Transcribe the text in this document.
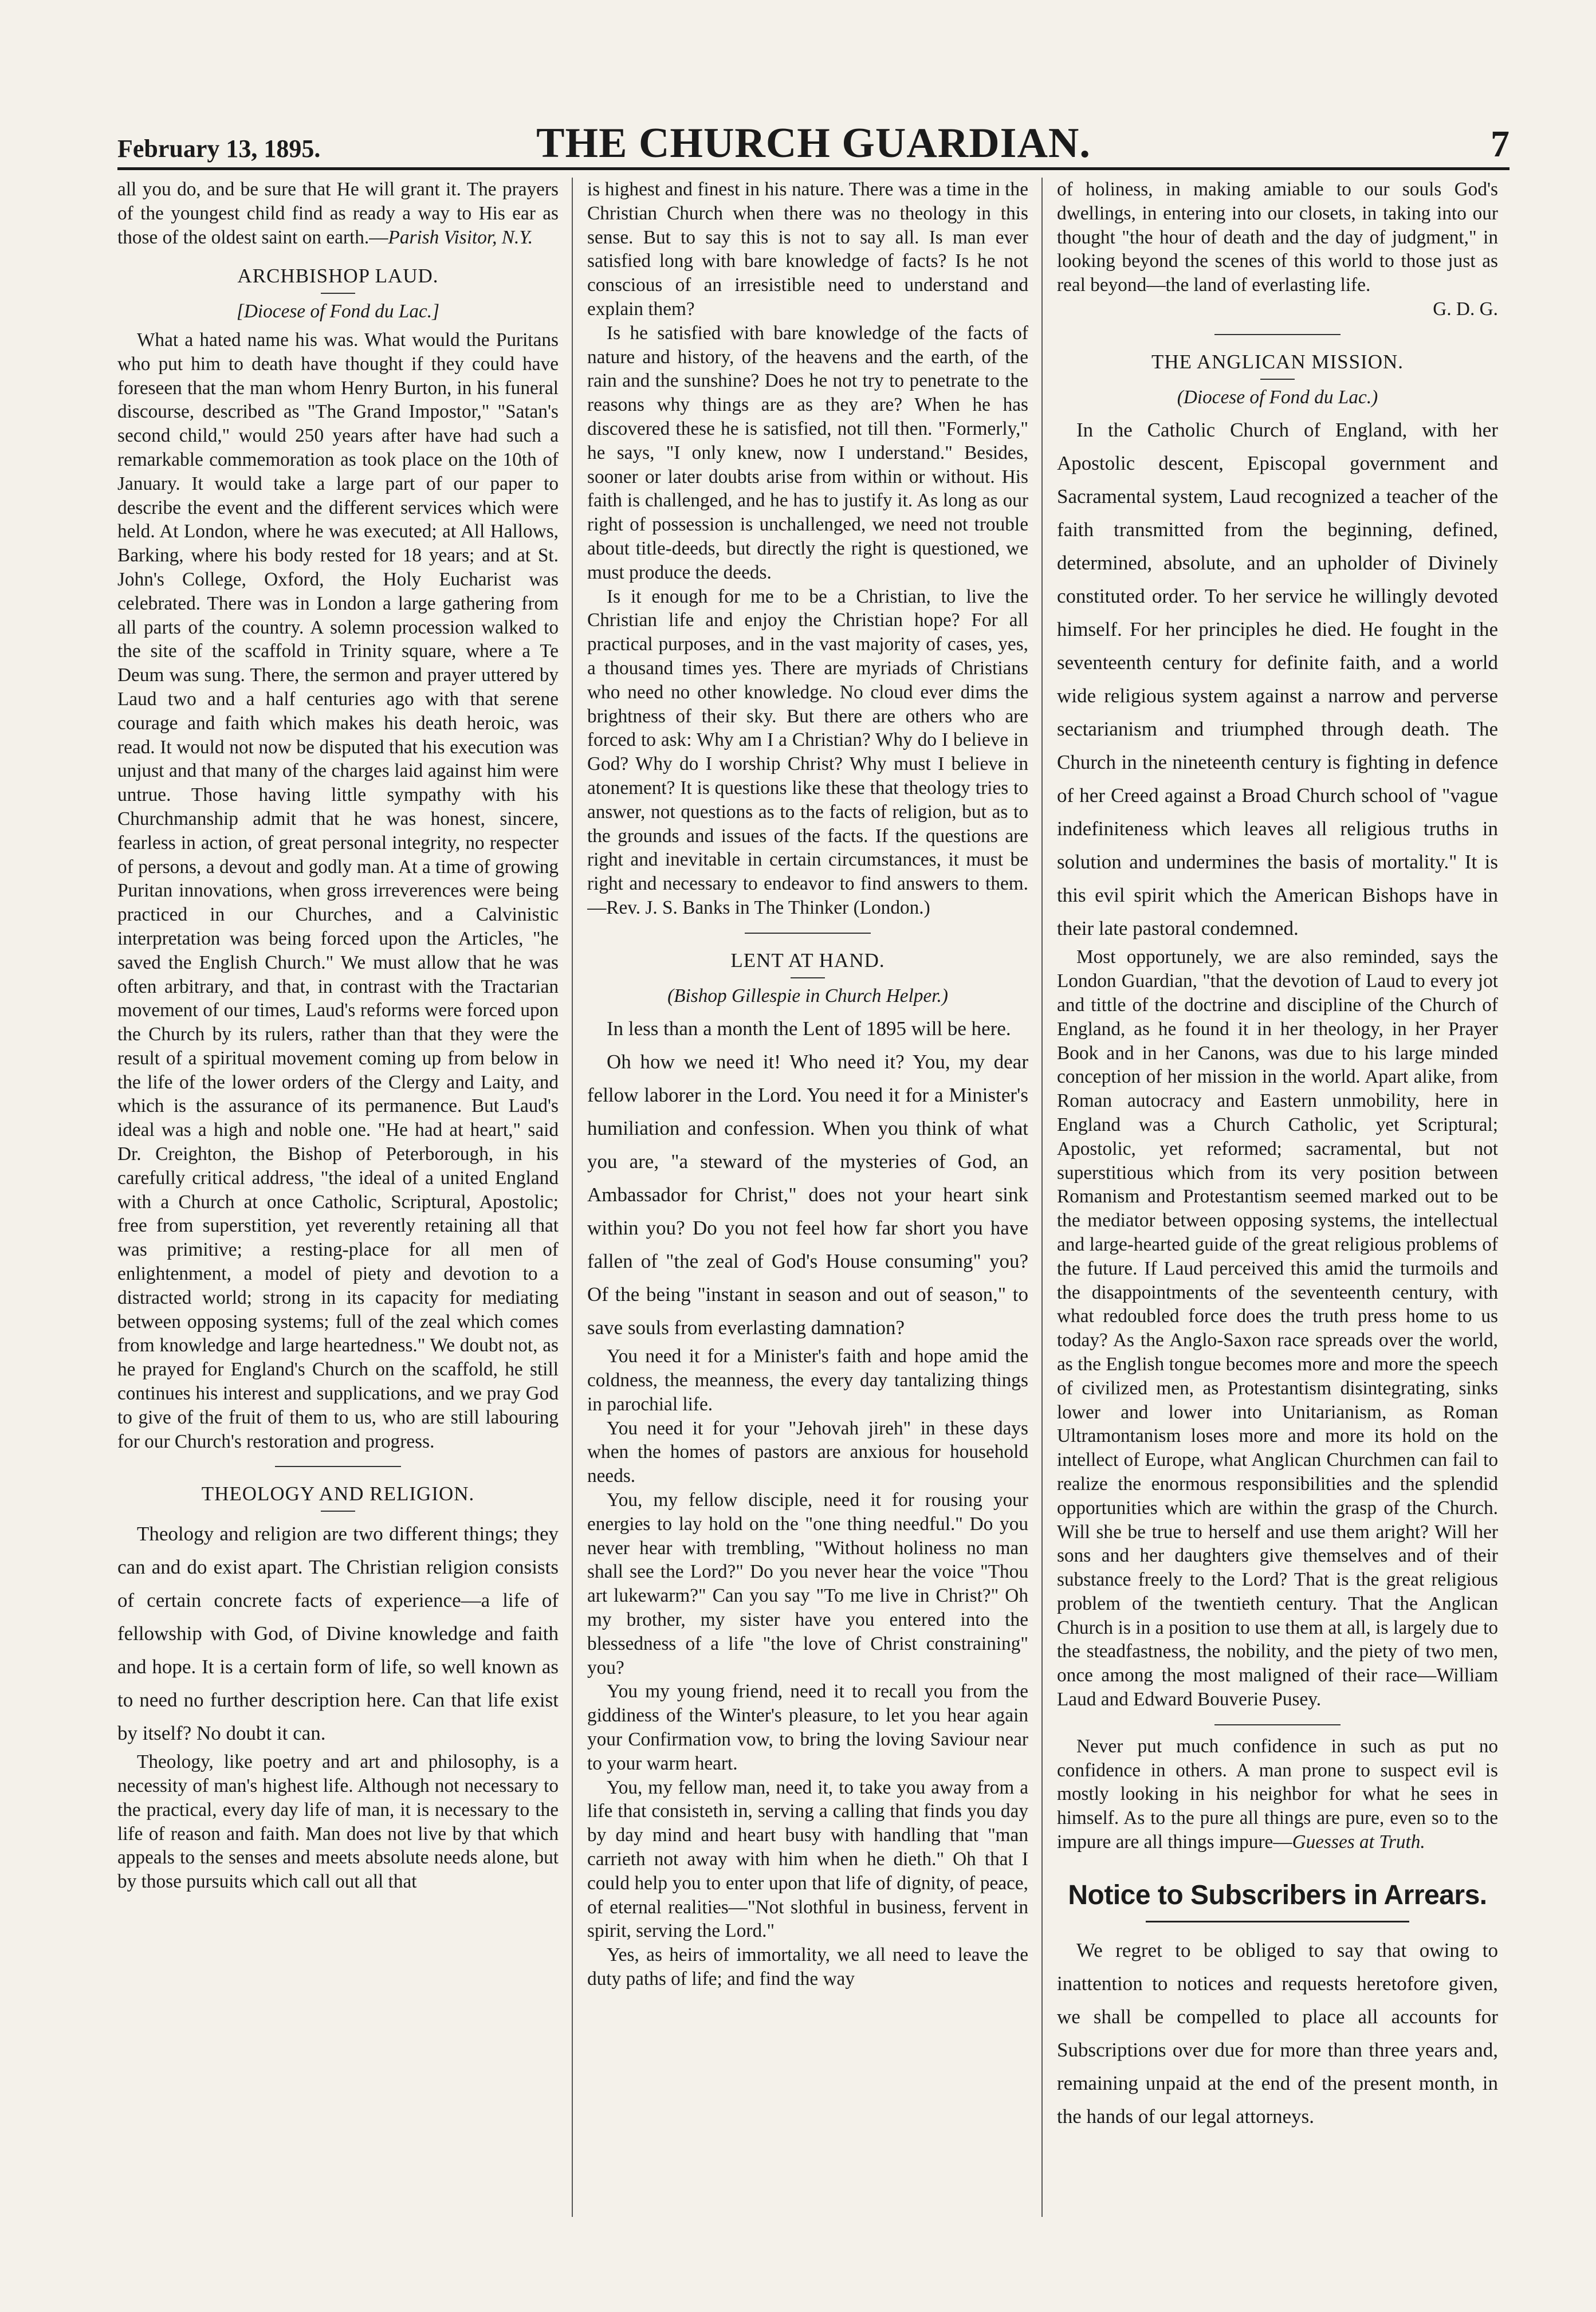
February 13, 1895.	THE CHURCH GUARDIAN.	7

all you do, and be sure that He will grant it. The prayers of the youngest child find as ready a way to His ear as those of the oldest saint on earth.—Parish Visitor, N.Y.

ARCHBISHOP LAUD.
[Diocese of Fond du Lac.]

What a hated name his was. What would the Puritans who put him to death have thought if they could have foreseen that the man whom Henry Burton, in his funeral discourse, described as "The Grand Impostor," "Satan's second child," would 250 years after have had such a remarkable commemoration as took place on the 10th of January. It would take a large part of our paper to describe the event and the different services which were held. At London, where he was executed; at All Hallows, Barking, where his body rested for 18 years; and at St. John's College, Oxford, the Holy Eucharist was celebrated. There was in London a large gathering from all parts of the country. A solemn procession walked to the site of the scaffold in Trinity square, where a Te Deum was sung. There, the sermon and prayer uttered by Laud two and a half centuries ago with that serene courage and faith which makes his death heroic, was read. It would not now be disputed that his execution was unjust and that many of the charges laid against him were untrue. Those having little sympathy with his Churchmanship admit that he was honest, sincere, fearless in action, of great personal integrity, no respecter of persons, a devout and godly man. At a time of growing Puritan innovations, when gross irreverences were being practiced in our Churches, and a Calvinistic interpretation was being forced upon the Articles, "he saved the English Church." We must allow that he was often arbitrary, and that, in contrast with the Tractarian movement of our times, Laud's reforms were forced upon the Church by its rulers, rather than that they were the result of a spiritual movement coming up from below in the life of the lower orders of the Clergy and Laity, and which is the assurance of its permanence. But Laud's ideal was a high and noble one. "He had at heart," said Dr. Creighton, the Bishop of Peterborough, in his carefully critical address, "the ideal of a united England with a Church at once Catholic, Scriptural, Apostolic; free from superstition, yet reverently retaining all that was primitive; a resting-place for all men of enlightenment, a model of piety and devotion to a distracted world; strong in its capacity for mediating between opposing systems; full of the zeal which comes from knowledge and large heartedness." We doubt not, as he prayed for England's Church on the scaffold, he still continues his interest and supplications, and we pray God to give of the fruit of them to us, who are still labouring for our Church's restoration and progress.

THEOLOGY AND RELIGION.

Theology and religion are two different things; they can and do exist apart. The Christian religion consists of certain concrete facts of experience—a life of fellowship with God, of Divine knowledge and faith and hope. It is a certain form of life, so well known as to need no further description here. Can that life exist by itself? No doubt it can.

Theology, like poetry and art and philosophy, is a necessity of man's highest life. Although not necessary to the practical, every day life of man, it is necessary to the life of reason and faith. Man does not live by that which appeals to the senses and meets absolute needs alone, but by those pursuits which call out all that

is highest and finest in his nature. There was a time in the Christian Church when there was no theology in this sense. But to say this is not to say all. Is man ever satisfied long with bare knowledge of facts? Is he not conscious of an irresistible need to understand and explain them?

Is he satisfied with bare knowledge of the facts of nature and history, of the heavens and the earth, of the rain and the sunshine? Does he not try to penetrate to the reasons why things are as they are? When he has discovered these he is satisfied, not till then. "Formerly," he says, "I only knew, now I understand." Besides, sooner or later doubts arise from within or without. His faith is challenged, and he has to justify it. As long as our right of possession is unchallenged, we need not trouble about title-deeds, but directly the right is questioned, we must produce the deeds.

Is it enough for me to be a Christian, to live the Christian life and enjoy the Christian hope? For all practical purposes, and in the vast majority of cases, yes, a thousand times yes. There are myriads of Christians who need no other knowledge. No cloud ever dims the brightness of their sky. But there are others who are forced to ask: Why am I a Christian? Why do I believe in God? Why do I worship Christ? Why must I believe in atonement? It is questions like these that theology tries to answer, not questions as to the facts of religion, but as to the grounds and issues of the facts. If the questions are right and inevitable in certain circumstances, it must be right and necessary to endeavor to find answers to them.—Rev. J. S. Banks in The Thinker (London.)

LENT AT HAND.
(Bishop Gillespie in Church Helper.)

In less than a month the Lent of 1895 will be here.

Oh how we need it! Who need it? You, my dear fellow laborer in the Lord. You need it for a Minister's humiliation and confession. When you think of what you are, "a steward of the mysteries of God, an Ambassador for Christ," does not your heart sink within you? Do you not feel how far short you have fallen of "the zeal of God's House consuming" you? Of the being "instant in season and out of season," to save souls from everlasting damnation?

You need it for a Minister's faith and hope amid the coldness, the meanness, the every day tantalizing things in parochial life.

You need it for your "Jehovah jireh" in these days when the homes of pastors are anxious for household needs.

You, my fellow disciple, need it for rousing your energies to lay hold on the "one thing needful." Do you never hear with trembling, "Without holiness no man shall see the Lord?" Do you never hear the voice "Thou art lukewarm?" Can you say "To me live in Christ?" Oh my brother, my sister have you entered into the blessedness of a life "the love of Christ constraining" you?

You my young friend, need it to recall you from the giddiness of the Winter's pleasure, to let you hear again your Confirmation vow, to bring the loving Saviour near to your warm heart.

You, my fellow man, need it, to take you away from a life that consisteth in, serving a calling that finds you day by day mind and heart busy with handling that "man carrieth not away with him when he dieth." Oh that I could help you to enter upon that life of dignity, of peace, of eternal realities—"Not slothful in business, fervent in spirit, serving the Lord."

Yes, as heirs of immortality, we all need to leave the duty paths of life; and find the way

of holiness, in making amiable to our souls God's dwellings, in entering into our closets, in taking into our thought "the hour of death and the day of judgment," in looking beyond the scenes of this world to those just as real beyond—the land of everlasting life.

G. D. G.
THE ANGLICAN MISSION.
(Diocese of Fond du Lac.)

In the Catholic Church of England, with her Apostolic descent, Episcopal government and Sacramental system, Laud recognized a teacher of the faith transmitted from the beginning, defined, determined, absolute, and an upholder of Divinely constituted order. To her service he willingly devoted himself. For her principles he died. He fought in the seventeenth century for definite faith, and a world wide religious system against a narrow and perverse sectarianism and triumphed through death. The Church in the nineteenth century is fighting in defence of her Creed against a Broad Church school of "vague indefiniteness which leaves all religious truths in solution and undermines the basis of mortality." It is this evil spirit which the American Bishops have in their late pastoral condemned.

Most opportunely, we are also reminded, says the London Guardian, "that the devotion of Laud to every jot and tittle of the doctrine and discipline of the Church of England, as he found it in her theology, in her Prayer Book and in her Canons, was due to his large minded conception of her mission in the world. Apart alike, from Roman autocracy and Eastern unmobility, here in England was a Church Catholic, yet Scriptural; Apostolic, yet reformed; sacramental, but not superstitious which from its very position between Romanism and Protestantism seemed marked out to be the mediator between opposing systems, the intellectual and large-hearted guide of the great religious problems of the future. If Laud perceived this amid the turmoils and the disappointments of the seventeenth century, with what redoubled force does the truth press home to us today? As the Anglo-Saxon race spreads over the world, as the English tongue becomes more and more the speech of civilized men, as Protestantism disintegrating, sinks lower and lower into Unitarianism, as Roman Ultramontanism loses more and more its hold on the intellect of Europe, what Anglican Churchmen can fail to realize the enormous responsibilities and the splendid opportunities which are within the grasp of the Church. Will she be true to herself and use them aright? Will her sons and her daughters give themselves and of their substance freely to the Lord? That is the great religious problem of the twentieth century. That the Anglican Church is in a position to use them at all, is largely due to the steadfastness, the nobility, and the piety of two men, once among the most maligned of their race—William Laud and Edward Bouverie Pusey.

Never put much confidence in such as put no confidence in others. A man prone to suspect evil is mostly looking in his neighbor for what he sees in himself. As to the pure all things are pure, even so to the impure are all things impure—Guesses at Truth.

Notice to Subscribers in Arrears.

We regret to be obliged to say that owing to inattention to notices and requests heretofore given, we shall be compelled to place all accounts for Subscriptions over due for more than three years and, remaining unpaid at the end of the present month, in the hands of our legal attorneys.
